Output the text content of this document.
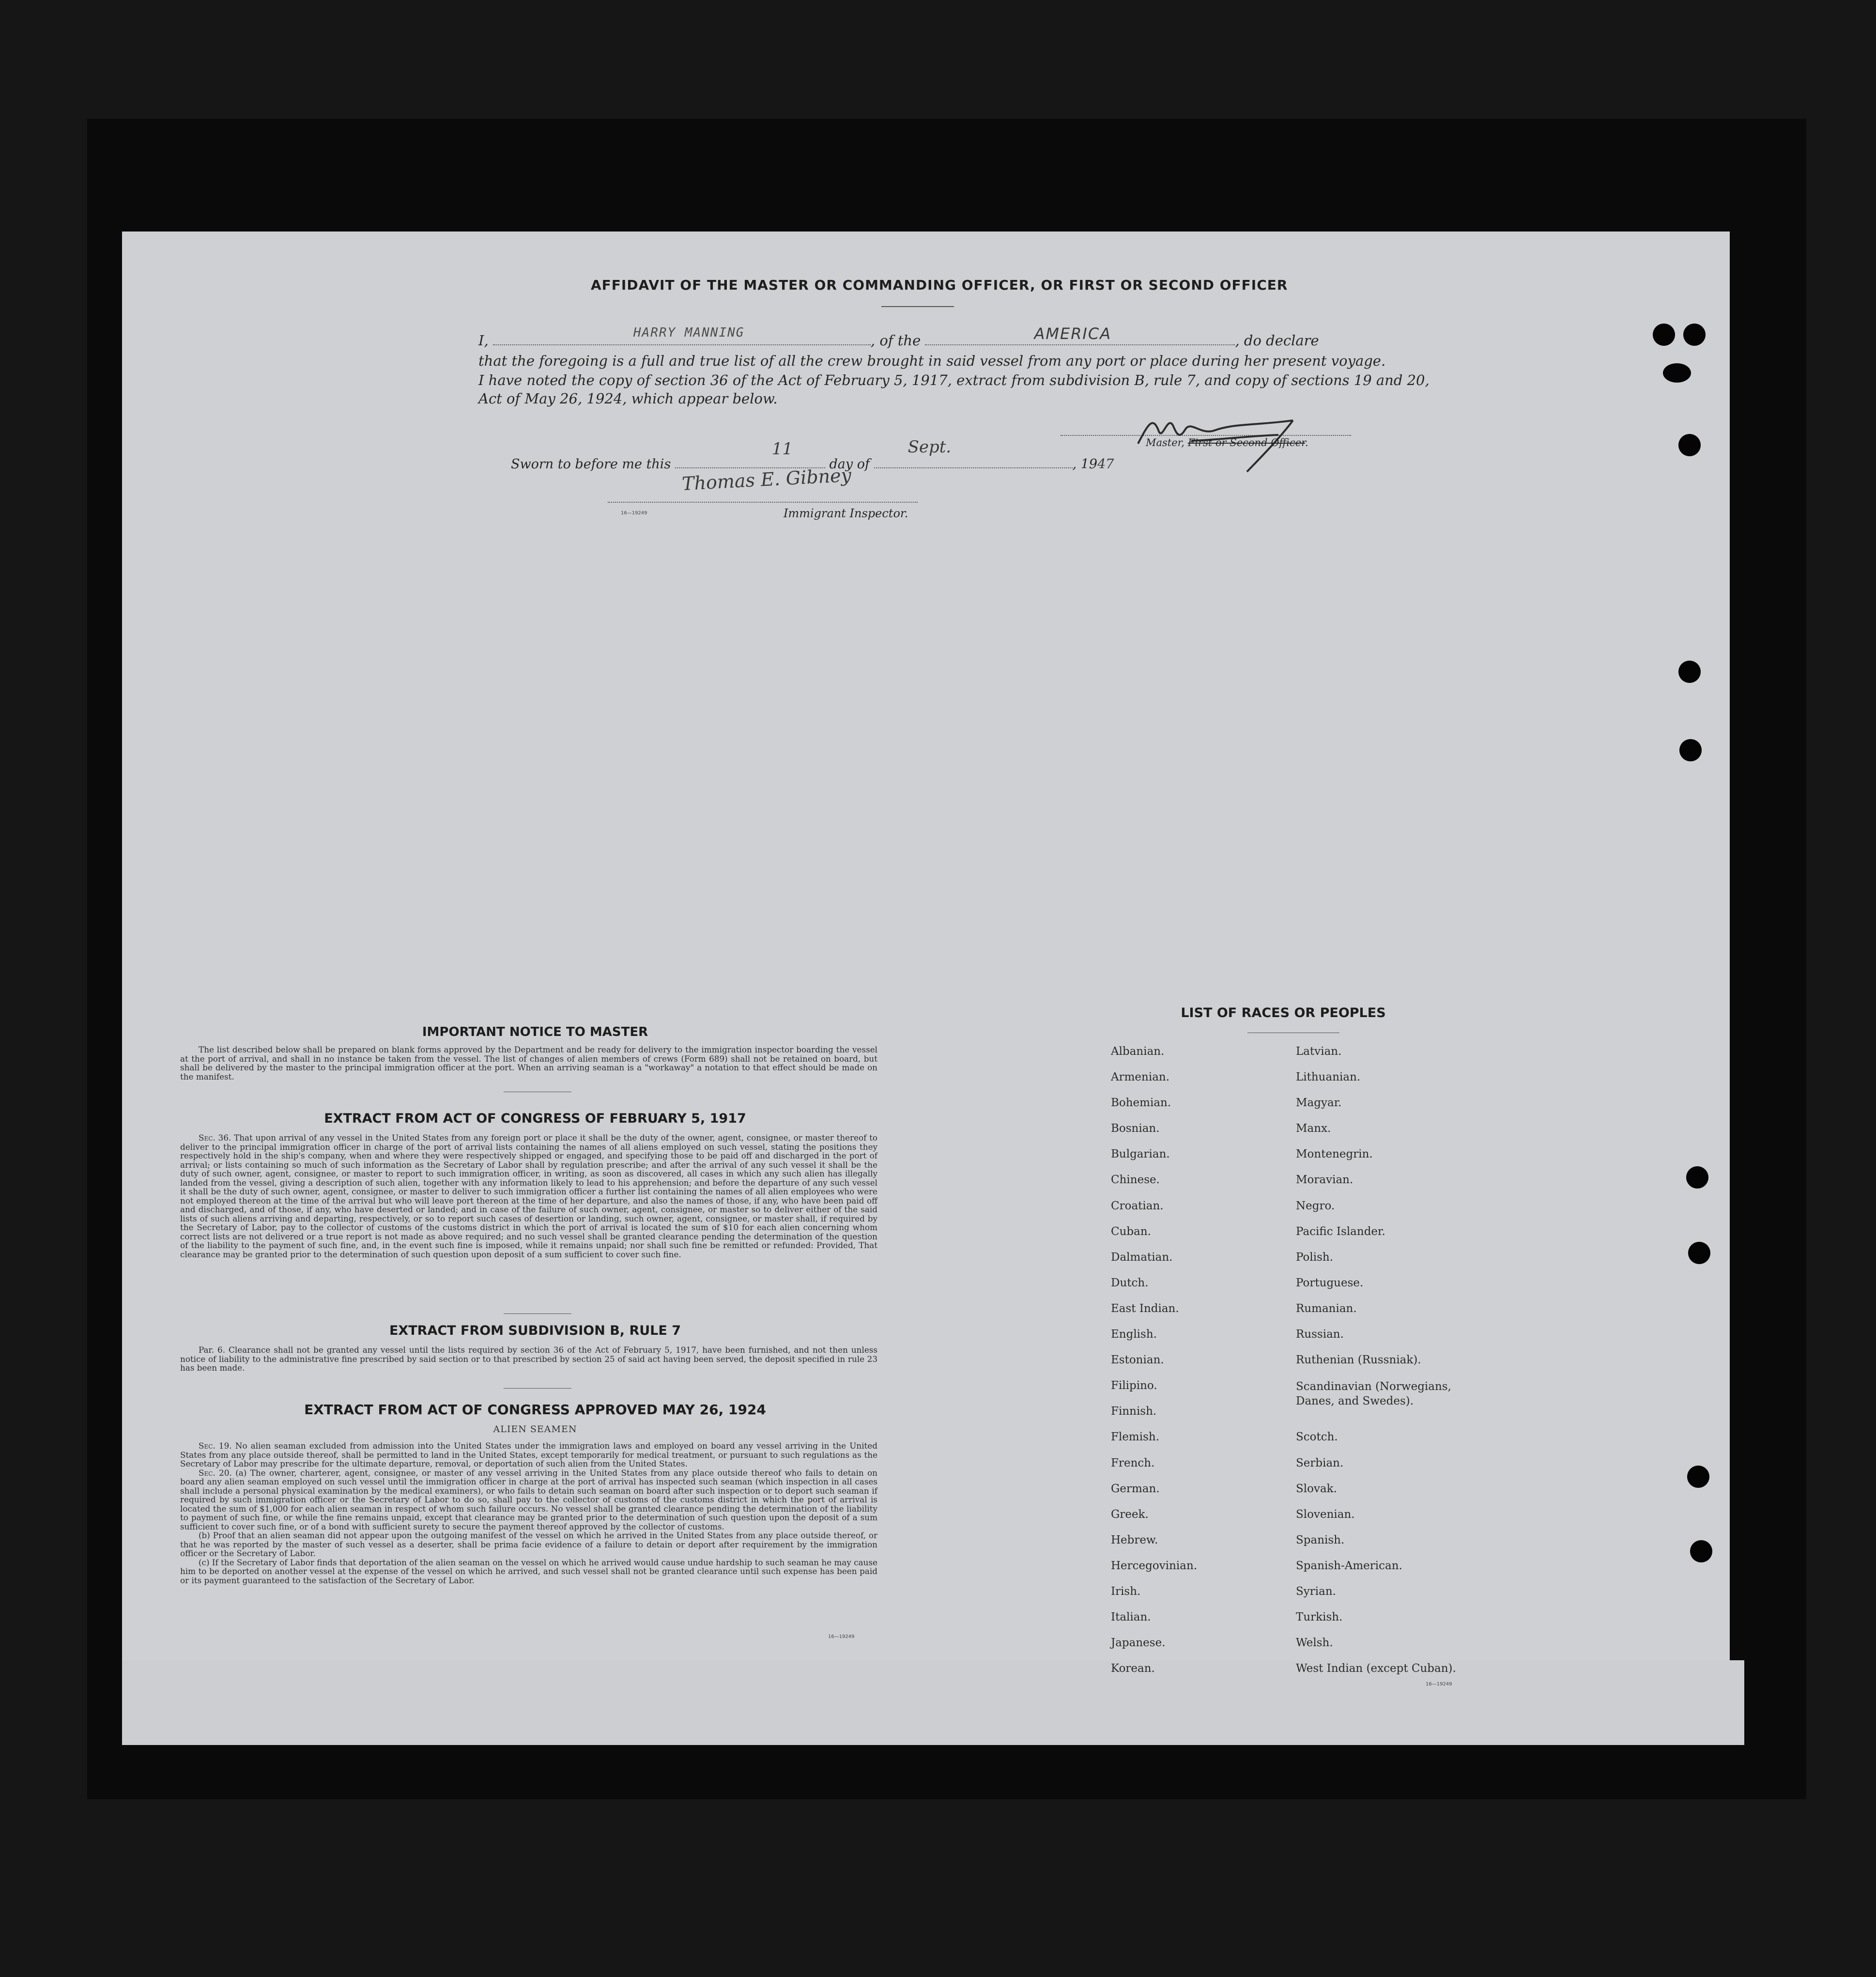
AFFIDAVIT OF THE MASTER OR COMMANDING OFFICER, OR FIRST OR SECOND OFFICER
I,	HARRY MANNING	, of the	AMERICA	, do declare
that the foregoing is a full and true list of all the crew brought in said vessel from any port or place during her present voyage.
I have noted the copy of section 36 of the Act of February 5, 1917, extract from subdivision B, rule 7, and copy of sections 19 and 20,
Act of May 26, 1924, which appear below.
Master, First or Second Officer.
Sworn to before me this
11
day of
Sept.
, 1947
Thomas E. Gibney
Immigrant Inspector.
16—19249
IMPORTANT NOTICE TO MASTER

The list described below shall be prepared on blank forms approved by the Department and be ready for delivery to the immigration inspector boarding the vessel at the port of arrival, and shall in no instance be taken from the vessel. The list of changes of alien members of crews (Form 689) shall not be retained on board, but shall be delivered by the master to the principal immigration officer at the port. When an arriving seaman is a "workaway" a notation to that effect should be made on the manifest.

EXTRACT FROM ACT OF CONGRESS OF FEBRUARY 5, 1917

Sec. 36. That upon arrival of any vessel in the United States from any foreign port or place it shall be the duty of the owner, agent, consignee, or master thereof to deliver to the principal immigration officer in charge of the port of arrival lists containing the names of all aliens employed on such vessel, stating the positions they respectively hold in the ship's company, when and where they were respectively shipped or engaged, and specifying those to be paid off and discharged in the port of arrival; or lists containing so much of such information as the Secretary of Labor shall by regulation prescribe; and after the arrival of any such vessel it shall be the duty of such owner, agent, consignee, or master to report to such immigration officer, in writing, as soon as discovered, all cases in which any such alien has illegally landed from the vessel, giving a description of such alien, together with any information likely to lead to his apprehension; and before the departure of any such vessel it shall be the duty of such owner, agent, consignee, or master to deliver to such immigration officer a further list containing the names of all alien employees who were not employed thereon at the time of the arrival but who will leave port thereon at the time of her departure, and also the names of those, if any, who have been paid off and discharged, and of those, if any, who have deserted or landed; and in case of the failure of such owner, agent, consignee, or master so to deliver either of the said lists of such aliens arriving and departing, respectively, or so to report such cases of desertion or landing, such owner, agent, consignee, or master shall, if required by the Secretary of Labor, pay to the collector of customs of the customs district in which the port of arrival is located the sum of $10 for each alien concerning whom correct lists are not delivered or a true report is not made as above required; and no such vessel shall be granted clearance pending the determination of the question of the liability to the payment of such fine, and, in the event such fine is imposed, while it remains unpaid; nor shall such fine be remitted or refunded: Provided, That clearance may be granted prior to the determination of such question upon deposit of a sum sufficient to cover such fine.

EXTRACT FROM SUBDIVISION B, RULE 7

Par. 6. Clearance shall not be granted any vessel until the lists required by section 36 of the Act of February 5, 1917, have been furnished, and not then unless notice of liability to the administrative fine prescribed by said section or to that prescribed by section 25 of said act having been served, the deposit specified in rule 23 has been made.

EXTRACT FROM ACT OF CONGRESS APPROVED MAY 26, 1924
ALIEN SEAMEN

Sec. 19. No alien seaman excluded from admission into the United States under the immigration laws and employed on board any vessel arriving in the United States from any place outside thereof, shall be permitted to land in the United States, except temporarily for medical treatment, or pursuant to such regulations as the Secretary of Labor may prescribe for the ultimate departure, removal, or deportation of such alien from the United States.

Sec. 20. (a) The owner, charterer, agent, consignee, or master of any vessel arriving in the United States from any place outside thereof who fails to detain on board any alien seaman employed on such vessel until the immigration officer in charge at the port of arrival has inspected such seaman (which inspection in all cases shall include a personal physical examination by the medical examiners), or who fails to detain such seaman on board after such inspection or to deport such seaman if required by such immigration officer or the Secretary of Labor to do so, shall pay to the collector of customs of the customs district in which the port of arrival is located the sum of $1,000 for each alien seaman in respect of whom such failure occurs. No vessel shall be granted clearance pending the determination of the liability to payment of such fine, or while the fine remains unpaid, except that clearance may be granted prior to the determination of such question upon the deposit of a sum sufficient to cover such fine, or of a bond with sufficient surety to secure the payment thereof approved by the collector of customs.

(b) Proof that an alien seaman did not appear upon the outgoing manifest of the vessel on which he arrived in the United States from any place outside thereof, or that he was reported by the master of such vessel as a deserter, shall be prima facie evidence of a failure to detain or deport after requirement by the immigration officer or the Secretary of Labor.

(c) If the Secretary of Labor finds that deportation of the alien seaman on the vessel on which he arrived would cause undue hardship to such seaman he may cause him to be deported on another vessel at the expense of the vessel on which he arrived, and such vessel shall not be granted clearance until such expense has been paid or its payment guaranteed to the satisfaction of the Secretary of Labor.

16—19249
LIST OF RACES OR PEOPLES
Albanian.
Armenian.
Bohemian.
Bosnian.
Bulgarian.
Chinese.
Croatian.
Cuban.
Dalmatian.
Dutch.
East Indian.
English.
Estonian.
Filipino.
Finnish.
Flemish.
French.
German.
Greek.
Hebrew.
Hercegovinian.
Irish.
Italian.
Japanese.
Korean.
Latvian.
Lithuanian.
Magyar.
Manx.
Montenegrin.
Moravian.
Negro.
Pacific Islander.
Polish.
Portuguese.
Rumanian.
Russian.
Ruthenian (Russniak).
Scandinavian (Norwegians, Danes, and Swedes).
Scotch.
Serbian.
Slovak.
Slovenian.
Spanish.
Spanish-American.
Syrian.
Turkish.
Welsh.
West Indian (except Cuban).
16—19249
